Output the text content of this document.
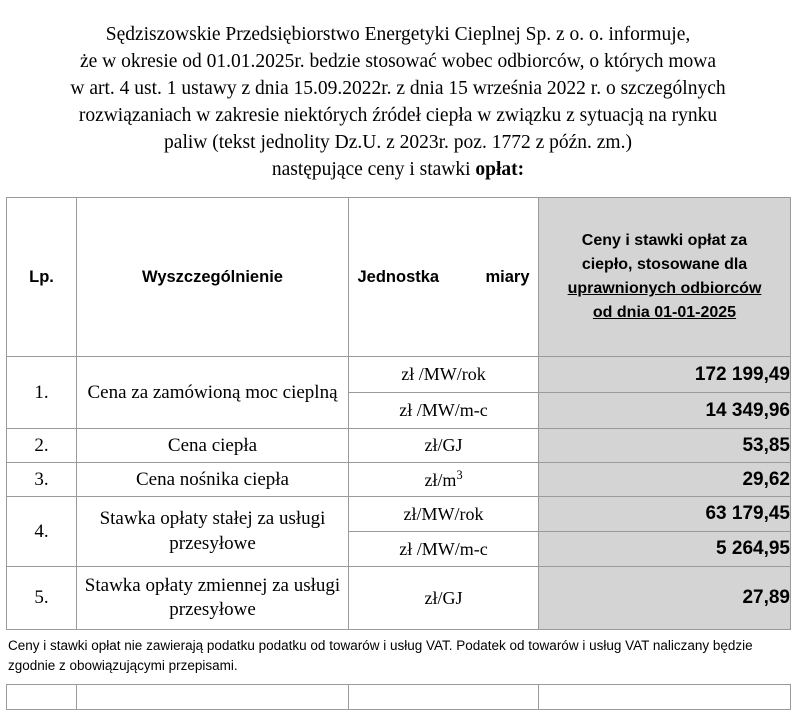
Sędziszowskie Przedsiębiorstwo Energetyki Cieplnej Sp. z o. o. informuje,
że w okresie od 01.01.2025r. bedzie stosować wobec odbiorców, o których mowa
w art. 4 ust. 1 ustawy z dnia 15.09.2022r. z dnia 15 września 2022 r. o szczególnych
rozwiązaniach w zakresie niektórych źródeł ciepła w związku z sytuacją na rynku
paliw (tekst jednolity Dz.U. z 2023r. poz. 1772 z późn. zm.)
następujące ceny i stawki opłat:
Lp.	Wyszczególnienie	Jednostka miary	Ceny i stawki opłat za
ciepło, stosowane dla
uprawnionych odbiorców
od dnia 01-01-2025

1.	Cena za zamówioną moc cieplną	zł /MW/rok	172 199,49
		zł /MW/m-c	14 349,96
2.	Cena ciepła	zł/GJ	53,85
3.	Cena nośnika ciepła	$zł/m^3$	29,62
4.	Stawka opłaty stałej za usługi przesyłowe	zł/MW/rok	63 179,45
		zł /MW/m-c	5 264,95
5.	Stawka opłaty zmiennej za usługi przesyłowe	zł/GJ	27,89
Ceny i stawki opłat nie zawierają podatku podatku od towarów i usług VAT. Podatek od towarów i usług VAT naliczany będzie
zgodnie z obowiązującymi przepisami.
